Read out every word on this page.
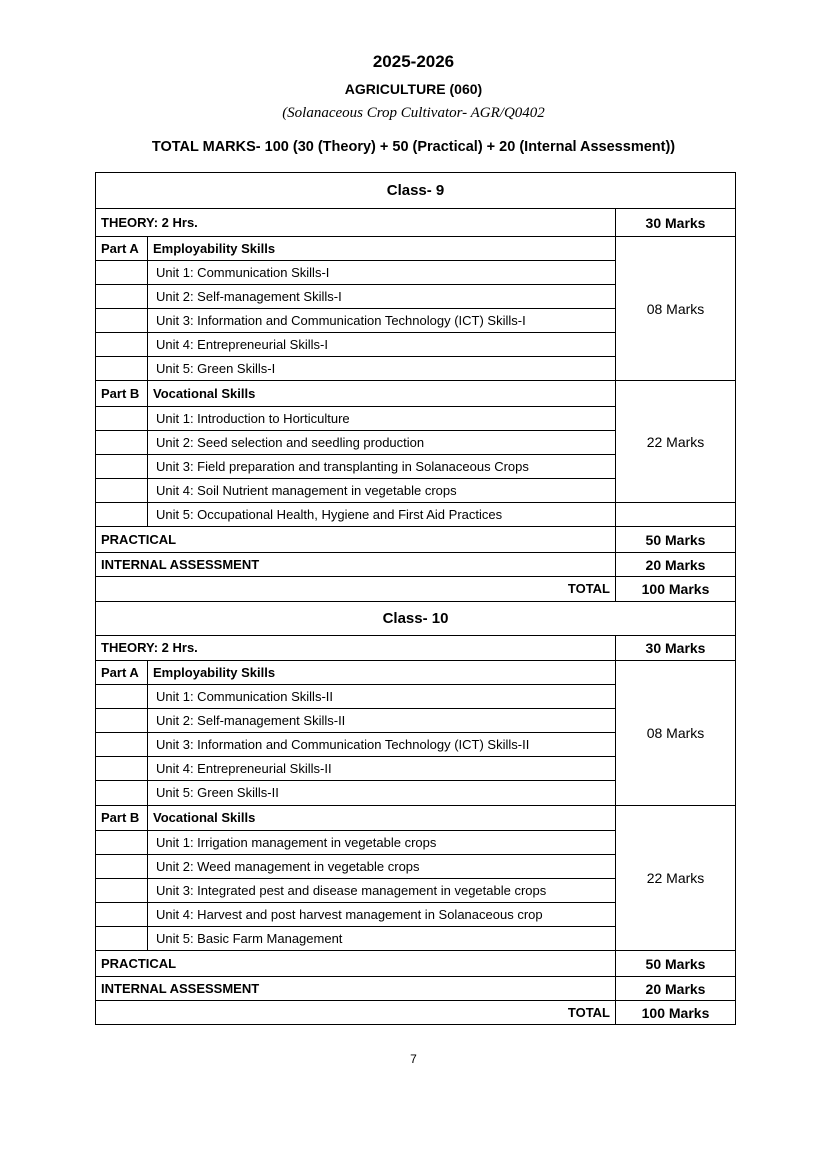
2025-2026
AGRICULTURE (060)
(Solanaceous Crop Cultivator- AGR/Q0402
TOTAL MARKS- 100 (30 (Theory) + 50 (Practical) + 20 (Internal Assessment))
Class- 9		
THEORY: 2 Hrs.		30 Marks
Part A	Employability Skills	08 Marks
	Unit 1: Communication Skills-I	
	Unit 2: Self-management Skills-I	
	Unit 3: Information and Communication Technology (ICT) Skills-I	
	Unit 4: Entrepreneurial Skills-I	
	Unit 5: Green Skills-I	
Part B	Vocational Skills	22 Marks
	Unit 1: Introduction to Horticulture	
	Unit 2: Seed selection and seedling production	
	Unit 3: Field preparation and transplanting in Solanaceous Crops	
	Unit 4: Soil Nutrient management in vegetable crops	
	Unit 5: Occupational Health, Hygiene and First Aid Practices	
PRACTICAL		50 Marks
INTERNAL ASSESSMENT		20 Marks
TOTAL		100 Marks
Class- 10		
THEORY: 2 Hrs.		30 Marks
Part A	Employability Skills	08 Marks
	Unit 1: Communication Skills-II	
	Unit 2: Self-management Skills-II	
	Unit 3: Information and Communication Technology (ICT) Skills-II	
	Unit 4: Entrepreneurial Skills-II	
	Unit 5: Green Skills-II	
Part B	Vocational Skills	22 Marks
	Unit 1: Irrigation management in vegetable crops	
	Unit 2: Weed management in vegetable crops	
	Unit 3: Integrated pest and disease management in vegetable crops	
	Unit 4: Harvest and post harvest management in Solanaceous crop	
	Unit 5: Basic Farm Management	
PRACTICAL		50 Marks
INTERNAL ASSESSMENT		20 Marks
TOTAL		100 Marks
7
